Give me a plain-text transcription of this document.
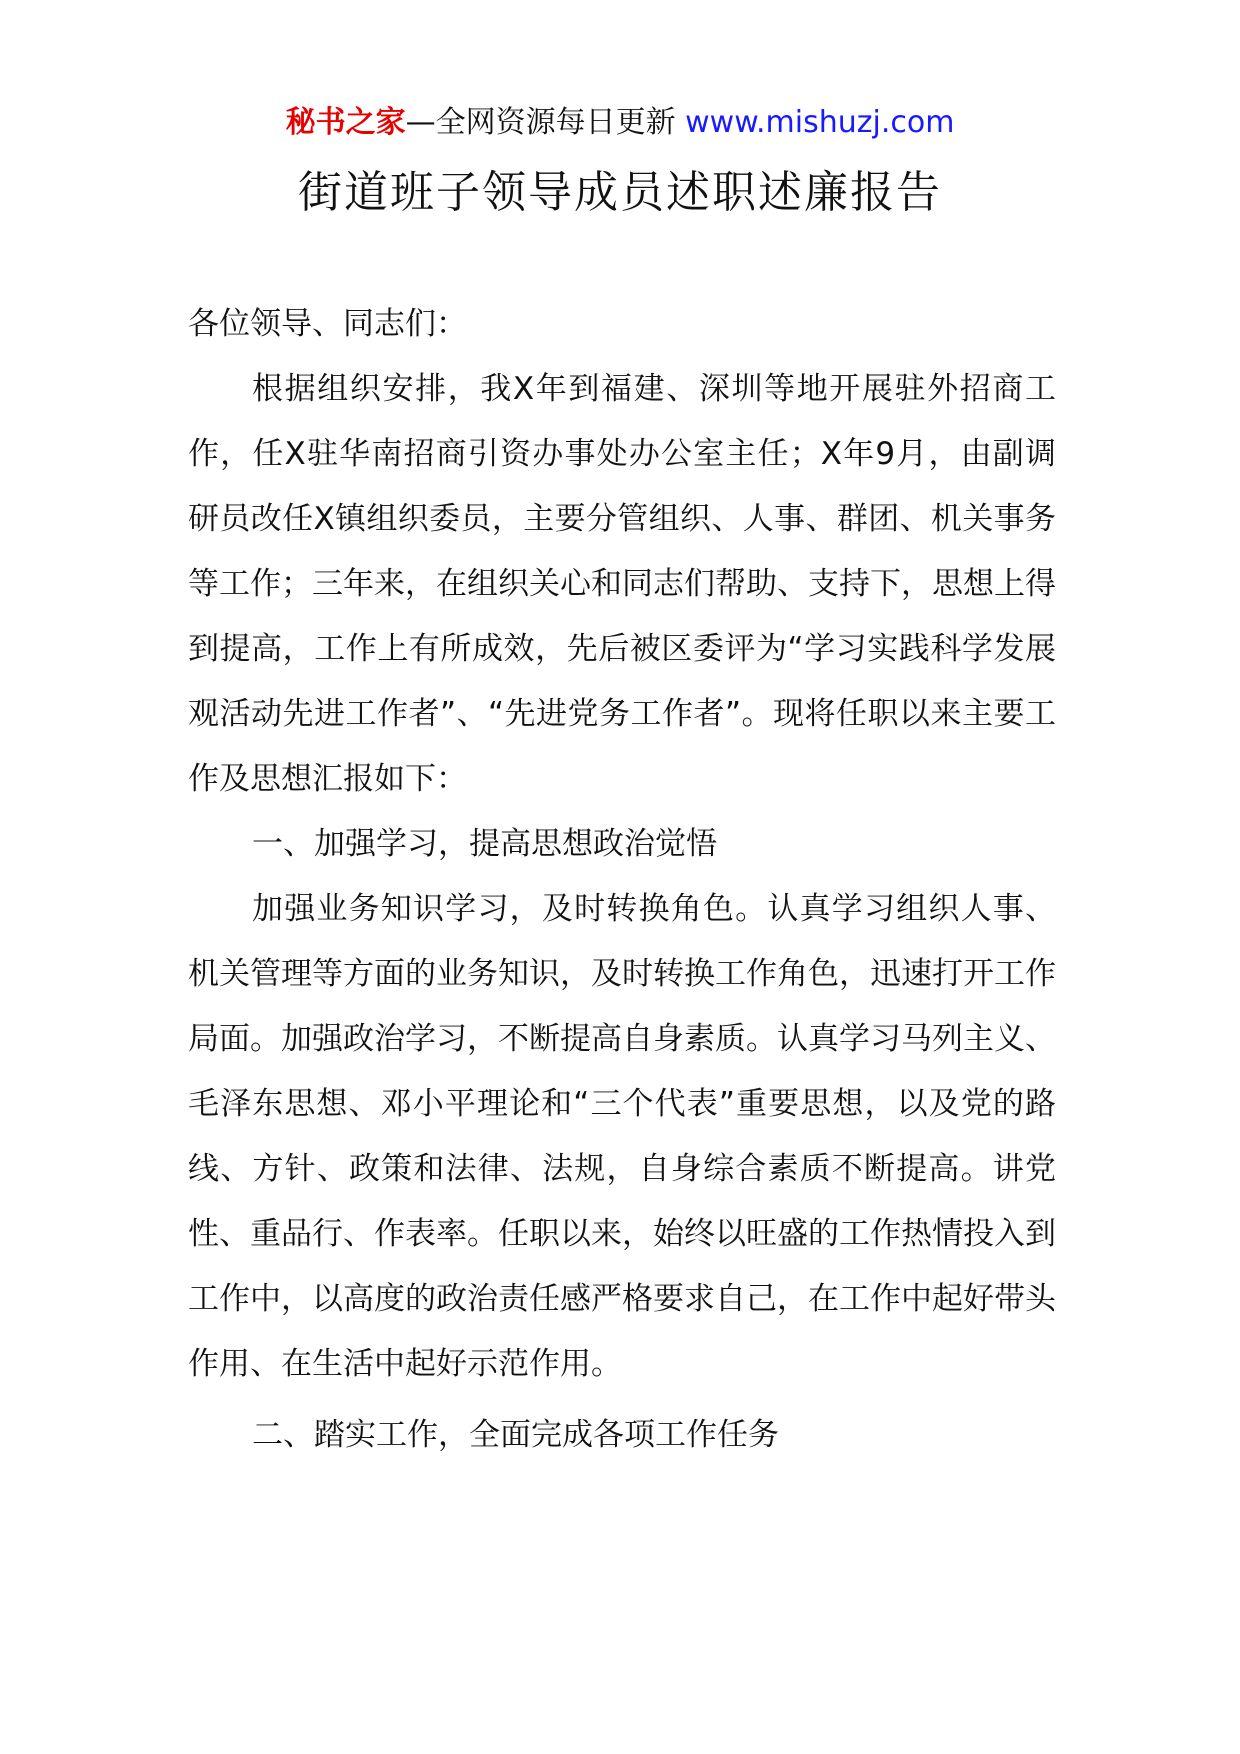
秘书之家—全网资源每日更新 www.mishuzj.com
街道班子领导成员述职述廉报告

各位领导、同志们：

根据组织安排，我X年到福建、深圳等地开展驻外招商工作，任X驻华南招商引资办事处办公室主任；X年9月，由副调研员改任X镇组织委员，主要分管组织、人事、群团、机关事务等工作；三年来，在组织关心和同志们帮助、支持下，思想上得到提高，工作上有所成效，先后被区委评为“学习实践科学发展观活动先进工作者”、“先进党务工作者”。现将任职以来主要工作及思想汇报如下：

一、加强学习，提高思想政治觉悟

加强业务知识学习，及时转换角色。认真学习组织人事、机关管理等方面的业务知识，及时转换工作角色，迅速打开工作局面。加强政治学习，不断提高自身素质。认真学习马列主义、毛泽东思想、邓小平理论和“三个代表”重要思想，以及党的路线、方针、政策和法律、法规，自身综合素质不断提高。讲党性、重品行、作表率。任职以来，始终以旺盛的工作热情投入到工作中，以高度的政治责任感严格要求自己，在工作中起好带头作用、在生活中起好示范作用。

二、踏实工作，全面完成各项工作任务
